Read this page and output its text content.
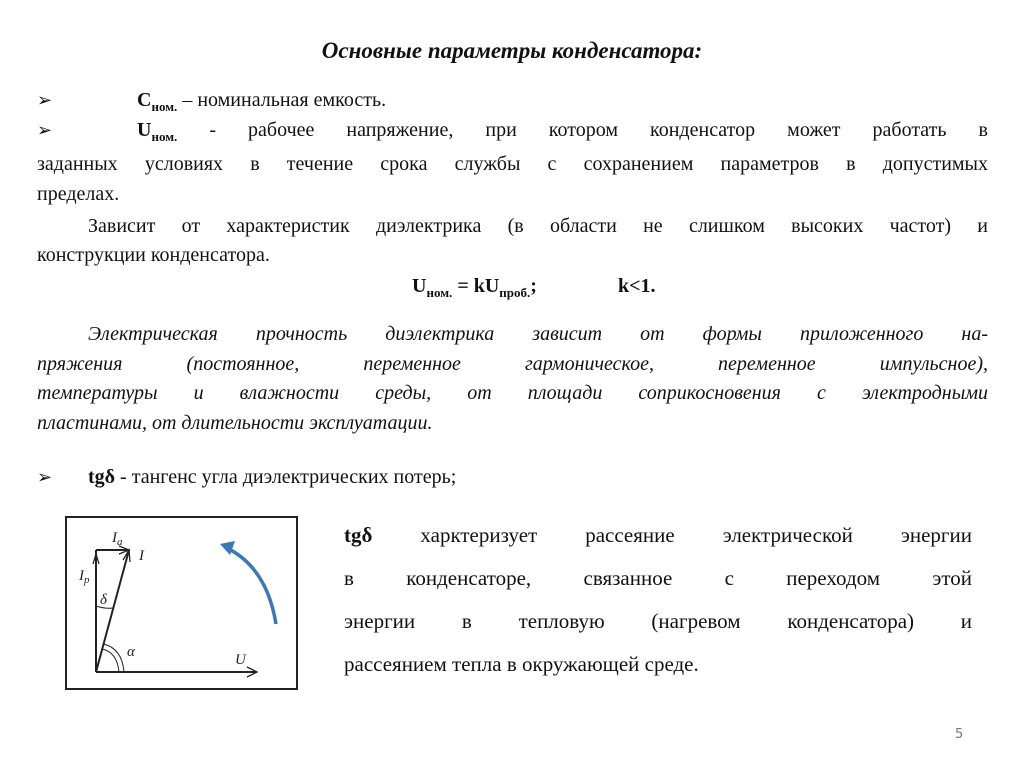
Основные параметры конденсатора:
➢	$C_{ном.}$ – номинальная емкость.
➢	$U_{ном.}$ - рабочее напряжение, при котором конденсатор может работать в
заданных условиях в течение срока службы с сохранением параметров в допустимых
пределах.
Зависит от характеристик диэлектрика (в области не слишком высоких частот) и
конструкции конденсатора.
$U_{ном.} = kU_{проб.}$;	k<1.
Электрическая прочность диэлектрика зависит от формы приложенного на-
пряжения (постоянное, переменное гармоническое, переменное импульсное),
температуры и влажности среды, от площади соприкосновения с электродными
пластинами, от длительности эксплуатации.
➢ tgδ - тангенс угла диэлектрических потерь;
$I_a$
$I_p$
I
δ
α	U
tgδ харктеризует рассеяние электрической энергии
в конденсаторе, связанное с переходом этой
энергии в тепловую (нагревом конденсатора) и
рассеянием тепла в окружающей среде.
5
